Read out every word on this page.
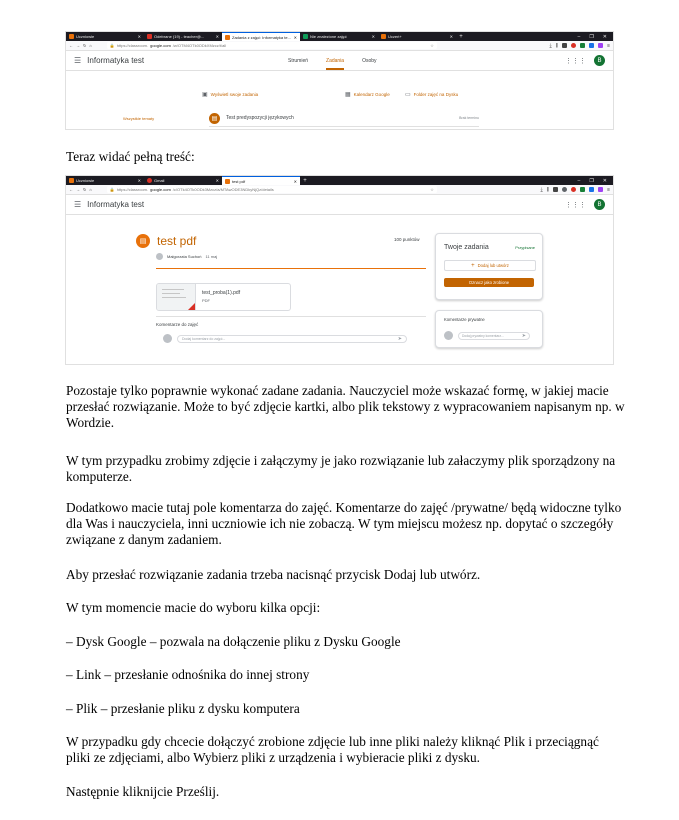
Uczniowie	✕	Odebrane (19) - teacher@...	✕	Zadania z zajęć: Informatyka te... ✕	Nie znalezione zajęć	✕	Uczeń+	✕	+	– ❐ ✕
← → ↻ ⌂	🔒 https://classroom. google.com /w/OTM4OTk0ODkXMzcz/t/all	☆	⤓ ⫼	≡
☰ Informatyka test	Strumień	Zadania	Osoby	⋮⋮⋮	B
▣ Wyświetl swoje zadania	▦ Kalendarz Google	▭ Folder zajęć na Dysku
Wszystkie tematy	▤	Test predyspozycji językowych	Brak terminu
Teraz widać pełną treść:
Uczniowie	✕	Gmail	✕	test pdf	✕	+	– ❐ ✕
← → ↻ ⌂	🔒 https://classroom. google.com /c/OTk4OTk0ODk3Mzcz/a/MTAwODE3NDkyNjQz/details	☆	⤓ ⫼	≡
☰ Informatyka test	⋮⋮⋮	B
▤ test pdf	100 punktów
Małgorzata Suchoń 11 maj
test_proba(1).pdf
PDF
Komentarze do zajęć
Dodaj komentarz do zajęć...	➤
Twoje zadania	Przypisane
+ Dodaj lub utwórz
Oznacz jako zrobione
Komentarze prywatne
Dodaj prywatny komentarz...	➤
Pozostaje tylko poprawnie wykonać zadane zadania. Nauczyciel może wskazać formę, w jakiej macie przesłać rozwiązanie. Może to być zdjęcie kartki, albo plik tekstowy z wypracowaniem napisanym np. w Wordzie.
W tym przypadku zrobimy zdjęcie i załączymy je jako rozwiązanie lub załaczymy plik sporządzony na komputerze.
Dodatkowo macie tutaj pole komentarza do zajęć. Komentarze do zajęć /prywatne/ będą widoczne tylko dla Was i nauczyciela, inni uczniowie ich nie zobaczą. W tym miejscu możesz np. dopytać o szczegóły związane z danym zadaniem.
Aby przesłać rozwiązanie zadania trzeba nacisnąć przycisk Dodaj lub utwórz.
W tym momencie macie do wyboru kilka opcji:
– Dysk Google – pozwala na dołączenie pliku z Dysku Google
– Link – przesłanie odnośnika do innej strony
– Plik – przesłanie pliku z dysku komputera
W przypadku gdy chcecie dołączyć zrobione zdjęcie lub inne pliki należy kliknąć Plik i przeciągnąć pliki ze zdjęciami, albo Wybierz pliki z urządzenia i wybieracie pliki z dysku.
Następnie kliknijcie Prześlij.
